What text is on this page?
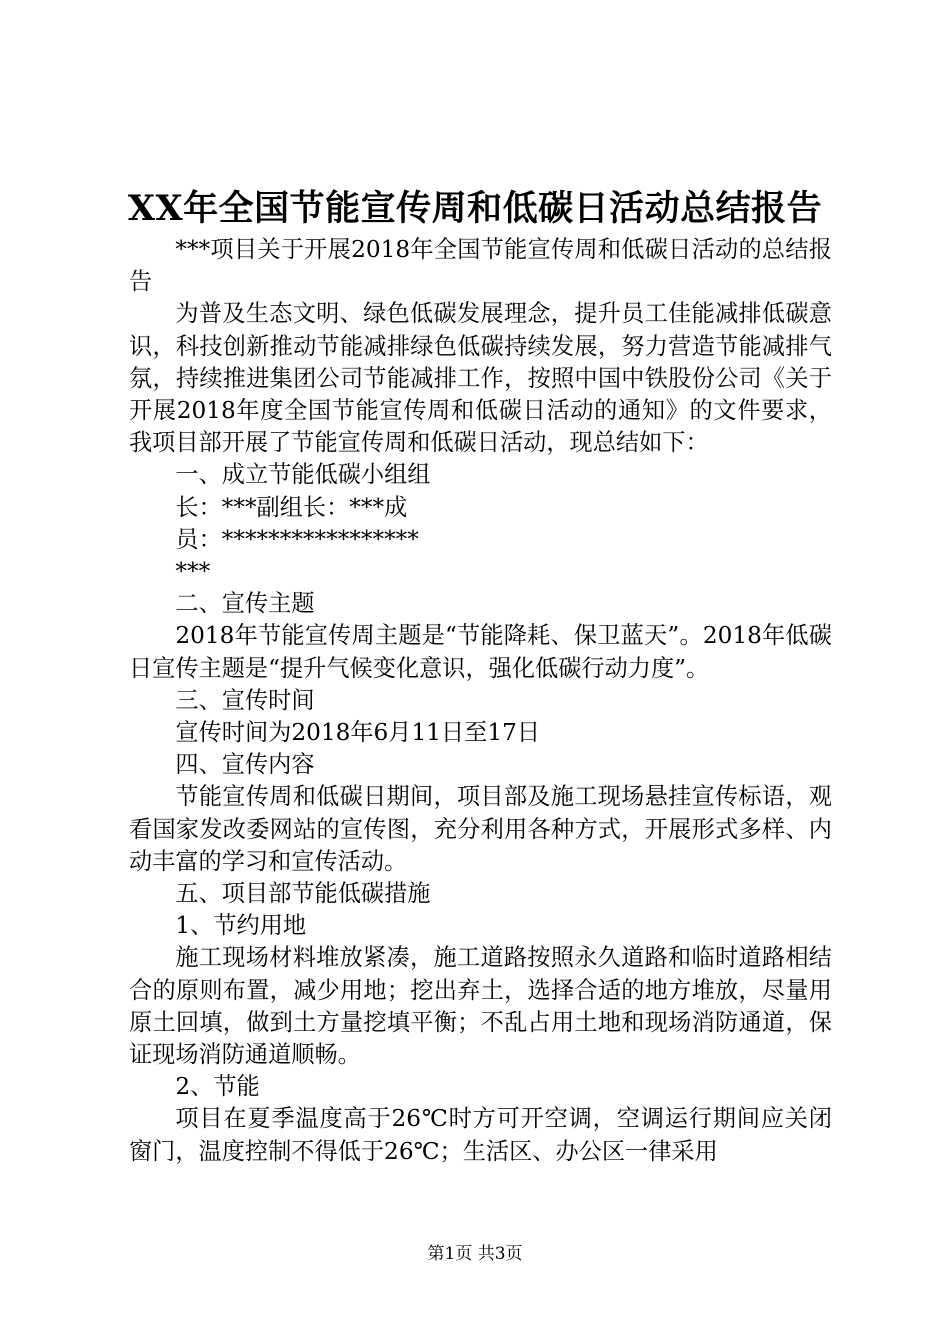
XX年全国节能宣传周和低碳日活动总结报告

***项目关于开展2018年全国节能宣传周和低碳日活动的总结报告

为普及生态文明、绿色低碳发展理念，提升员工佳能减排低碳意识，科技创新推动节能减排绿色低碳持续发展，努力营造节能减排气氛，持续推进集团公司节能减排工作，按照中国中铁股份公司《关于开展2018年度全国节能宣传周和低碳日活动的通知》的文件要求，我项目部开展了节能宣传周和低碳日活动，现总结如下：

一、成立节能低碳小组组

长：***副组长：***成

员：*****************

***

二、宣传主题

2018年节能宣传周主题是“节能降耗、保卫蓝天”。2018年低碳日宣传主题是“提升气候变化意识，强化低碳行动力度”。

三、宣传时间

宣传时间为2018年6月11日至17日

四、宣传内容

节能宣传周和低碳日期间，项目部及施工现场悬挂宣传标语，观看国家发改委网站的宣传图，充分利用各种方式，开展形式多样、内动丰富的学习和宣传活动。

五、项目部节能低碳措施

1、节约用地

施工现场材料堆放紧凑，施工道路按照永久道路和临时道路相结合的原则布置，减少用地；挖出弃土，选择合适的地方堆放，尽量用原土回填，做到土方量挖填平衡；不乱占用土地和现场消防通道，保证现场消防通道顺畅。

2、节能

项目在夏季温度高于26℃时方可开空调，空调运行期间应关闭窗门，温度控制不得低于26℃；生活区、办公区一律采用

第1页 共3页
